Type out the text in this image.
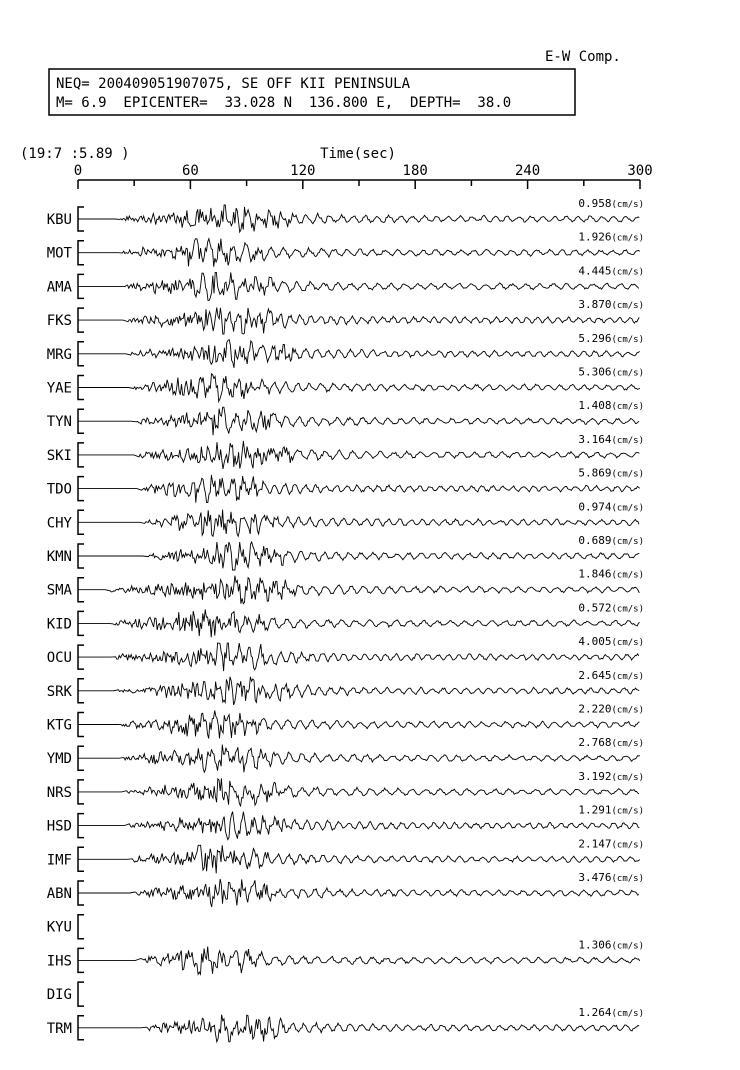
E-W Comp.
NEQ= 200409051907075, SE OFF KII PENINSULA
M= 6.9  EPICENTER=  33.028 N  136.800 E,  DEPTH=  38.0
(19:7 :5.89 )	Time(sec)
0	60	120	180	240	300
KBU
0.958(cm/s)
MOT
1.926(cm/s)
AMA
4.445(cm/s)
FKS
3.870(cm/s)
MRG
5.296(cm/s)
YAE
5.306(cm/s)
TYN
1.408(cm/s)
SKI
3.164(cm/s)
TDO
5.869(cm/s)
CHY
0.974(cm/s)
KMN
0.689(cm/s)
SMA
1.846(cm/s)
KID
0.572(cm/s)
OCU
4.005(cm/s)
SRK
2.645(cm/s)
KTG
2.220(cm/s)
YMD
2.768(cm/s)
NRS
3.192(cm/s)
HSD
1.291(cm/s)
IMF
2.147(cm/s)
ABN
3.476(cm/s)
KYU
IHS
1.306(cm/s)
DIG
TRM
1.264(cm/s)
